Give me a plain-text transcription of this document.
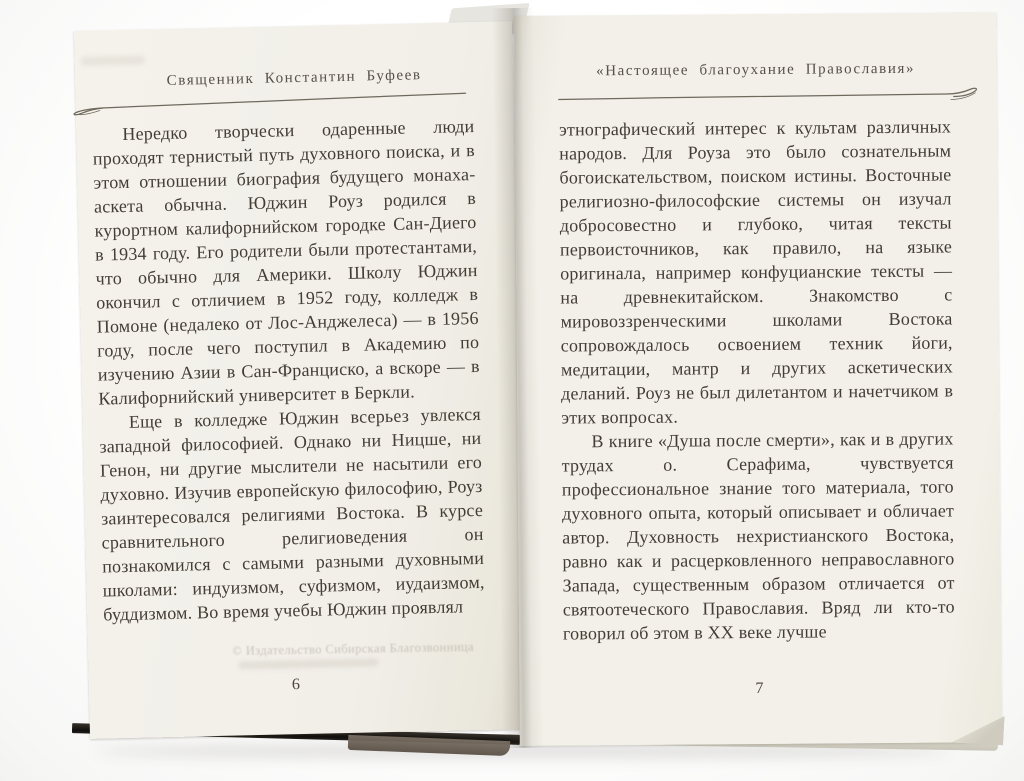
Священник Константин Буфеев

Нередко творчески одаренные люди проходят тернистый путь духовного поиска, и в этом отношении биография будущего монаха-аскета обычна. Юджин Роуз родился в курортном калифорнийском городке Сан-Диего в 1934 году. Его родители были протестантами, что обычно для Америки. Школу Юджин окончил с отличием в 1952 году, колледж в Помоне (недалеко от Лос-Анджелеса) — в 1956 году, после чего поступил в Академию по изучению Азии в Сан-Франциско, а вскоре — в Калифорнийский университет в Беркли.

Еще в колледже Юджин всерьез увлекся западной философией. Однако ни Ницше, ни Генон, ни другие мыслители не насытили его духовно. Изучив европейскую философию, Роуз заинтересовался религиями Востока. В курсе сравнительного религиоведения он познакомился с самыми разными духовными школами: индуизмом, суфизмом, иудаизмом, буддизмом. Во время учебы Юджин проявлял

© Издательство Сибирская Благозвонница
6
«Настоящее благоухание Православия»

этнографический интерес к культам различных народов. Для Роуза это было сознательным богоискательством, поиском истины. Восточные религиозно-философские системы он изучал добросовестно и глубоко, читая тексты первоисточников, как правило, на языке оригинала, например конфуцианские тексты — на древнекитайском. Знакомство с мировоззренческими школами Востока сопровождалось освоением техник йоги, медитации, мантр и других аскетических деланий. Роуз не был дилетантом и начетчиком в этих вопросах.

В книге «Душа после смерти», как и в других трудах о. Серафима, чувствуется профессиональное знание того материала, того духовного опыта, который описывает и обличает автор. Духовность нехристианского Востока, равно как и расцерковленного неправославного Запада, существенным образом отличается от святоотеческого Православия. Вряд ли кто-то говорил об этом в XX веке лучше

7
